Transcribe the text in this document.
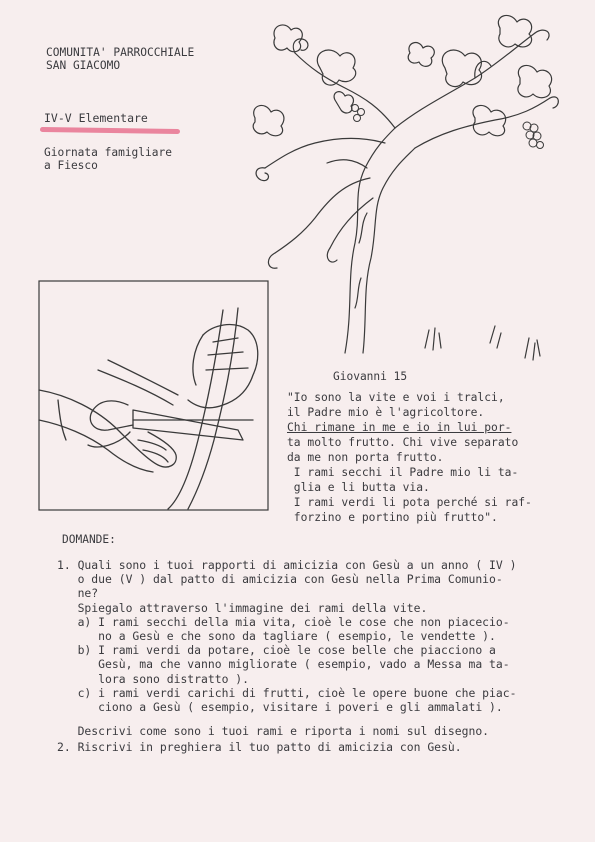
COMUNITA' PARROCCHIALE
SAN GIACOMO
IV-V Elementare
Giornata famigliare
a Fiesco
Giovanni 15
"Io sono la vite e voi i tralci,
il Padre mio è l'agricoltore.
Chi rimane in me e io in lui por-
ta molto frutto. Chi vive separato
da me non porta frutto.
I rami secchi il Padre mio li ta-
glia e li butta via.
I rami verdi li pota perché si raf-
forzino e portino più frutto".
DOMANDE:
1. Quali sono i tuoi rapporti di amicizia con Gesù a un anno ( IV )
o due (V ) dal patto di amicizia con Gesù nella Prima Comunio-
ne?
Spiegalo attraverso l'immagine dei rami della vite.
a) I rami secchi della mia vita, cioè le cose che non piacecio-
no a Gesù e che sono da tagliare ( esempio, le vendette ).
b) I rami verdi da potare, cioè le cose belle che piacciono a
Gesù, ma che vanno migliorate ( esempio, vado a Messa ma ta-
lora sono distratto ).
c) i rami verdi carichi di frutti, cioè le opere buone che piac-
ciono a Gesù ( esempio, visitare i poveri e gli ammalati ).
Descrivi come sono i tuoi rami e riporta i nomi sul disegno.
2. Riscrivi in preghiera il tuo patto di amicizia con Gesù.
